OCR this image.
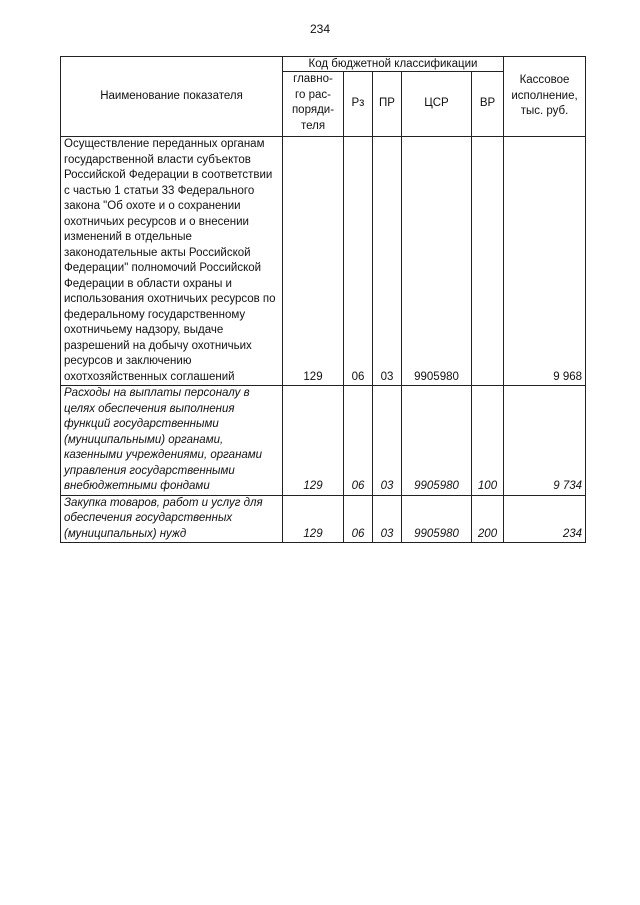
234
Наименование показателя	Код бюджетной классификации					Кассовое
исполнение,
тыс. руб.
	главно-
го рас-
поряди-
теля	Рз	ПР	ЦСР	ВР	
Осуществление переданных органам государственной власти субъектов Российской Федерации в соответствии с частью 1 статьи 33 Федерального закона "Об охоте и о сохранении охотничьих ресурсов и о внесении изменений в отдельные законодательные акты Российской Федерации" полномочий Российской Федерации в области охраны и использования охотничьих ресурсов по федеральному государственному охотничьему надзору, выдаче разрешений на добычу охотничьих ресурсов и заключению охотхозяйственных соглашений	129	06	03	9905980		9 968
Расходы на выплаты персоналу в целях обеспечения выполнения функций государственными (муниципальными) органами, казенными учреждениями, органами управления государственными внебюджетными фондами	129	06	03	9905980	100	9 734
Закупка товаров, работ и услуг для обеспечения государственных (муниципальных) нужд	129	06	03	9905980	200	234
